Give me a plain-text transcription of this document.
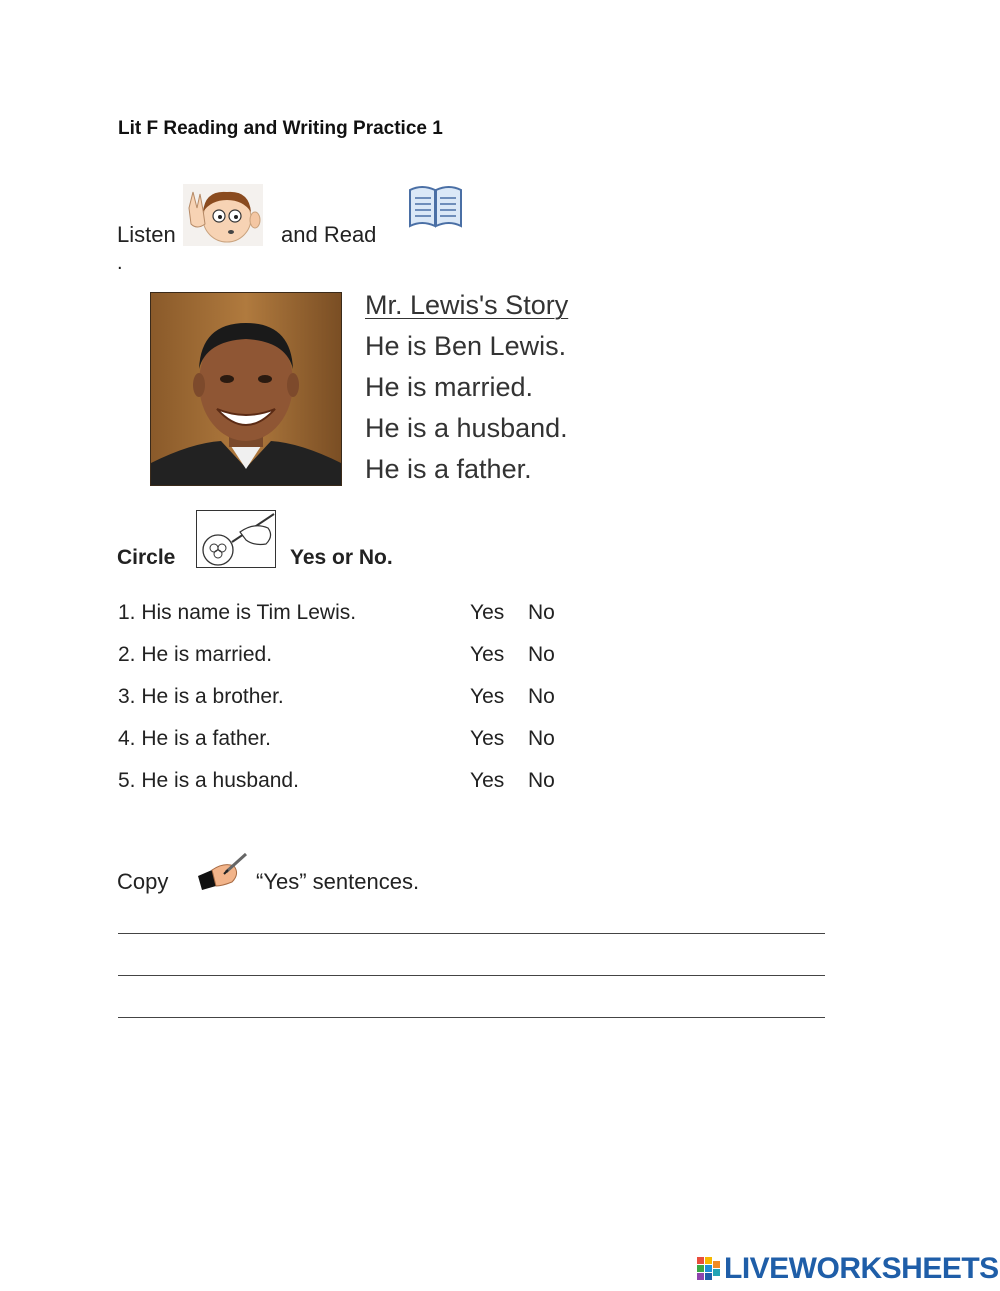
Lit F Reading and Writing Practice 1
Listen	and Read
.
Mr. Lewis's Story
He is Ben Lewis.
He is married.
He is a husband.
He is a father.
Circle	Yes or No.
1. His name is Tim Lewis.	Yes No
2. He is married.	Yes No
3. He is a brother.	Yes No
4. He is a father.	Yes No
5. He is a husband.	Yes No
Copy	“Yes” sentences.
LIVEWORKSHEETS
